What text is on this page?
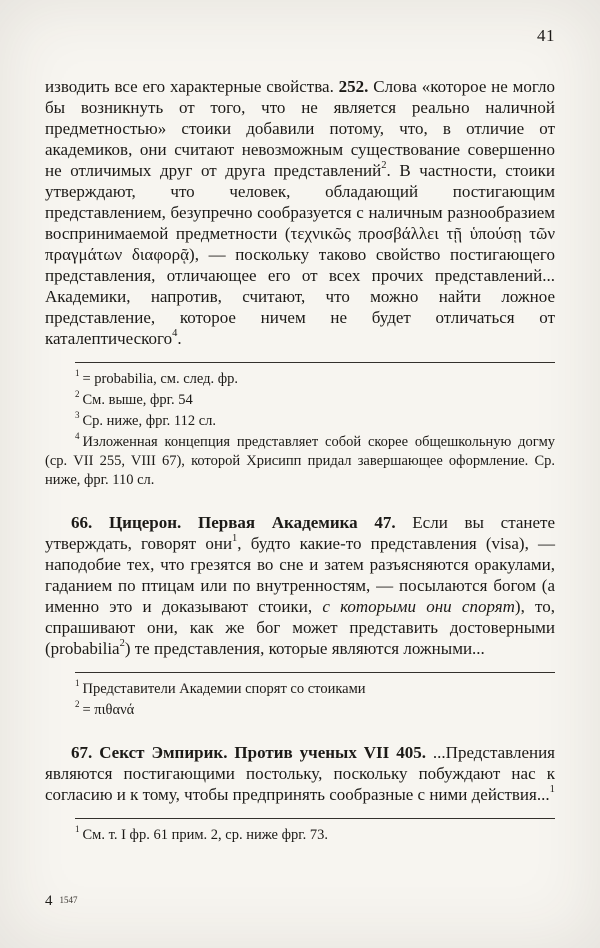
41

изводить все его характерные свойства. 252. Слова «которое не могло бы возникнуть от того, что не является реально наличной предметностью» стоики добавили потому, что, в отличие от академиков, они считают невозможным существование совершенно не отличимых друг от друга представлений$^2$. В частности, стоики утверждают, что человек, обладающий постигающим представлением, безупречно сообразуется с наличным разнообразием воспринимаемой предметности (τεχνικῶς προσβάλλει τῇ ὑπούσῃ τῶν πραγμάτων διαφορᾷ), — поскольку таково свойство постигающего представления, отличающее его от всех прочих представлений... Академики, напротив, считают, что можно найти ложное представление, которое ничем не будет отличаться от каталептического$^4$.

$^1$ = probabilia, см. след. фр.
$^2$ См. выше, фрг. 54
$^3$ Ср. ниже, фрг. 112 сл.
$^4$ Изложенная концепция представляет собой скорее общешкольную догму (ср. VII 255, VIII 67), которой Хрисипп придал завершающее оформление. Ср. ниже, фрг. 110 сл.

66. Цицерон. Первая Академика 47. Если вы станете утверждать, говорят они$^1$, будто какие-то представления (visa), — наподобие тех, что грезятся во сне и затем разъясняются оракулами, гаданием по птицам или по внутренностям, — посылаются богом (а именно это и доказывают стоики, с которыми они спорят), то, спрашивают они, как же бог может представить достоверными (probabilia$^2$) те представления, которые являются ложными...

$^1$ Представители Академии спорят со стоиками
$^2$ = πιθανά

67. Секст Эмпирик. Против ученых VII 405. ...Представления являются постигающими постольку, поскольку побуждают нас к согласию и к тому, чтобы предпринять сообразные с ними действия...$^1$

$^1$ См. т. I фр. 61 прим. 2, ср. ниже фрг. 73.
4 1547
